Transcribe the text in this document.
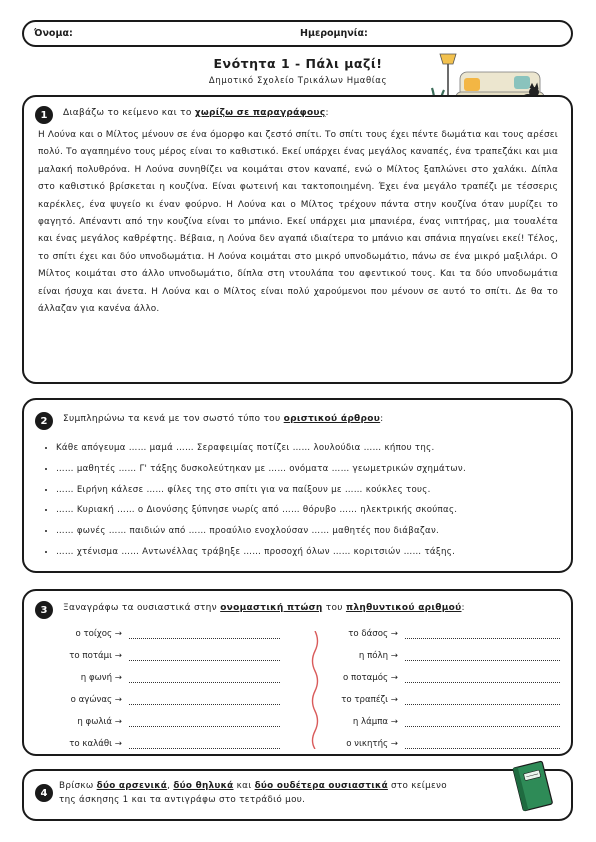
Όνομα:	Ημερομηνία:
Ενότητα 1 - Πάλι μαζί!
Δημοτικό Σχολείο Τρικάλων Ημαθίας
1	Διαβάζω το κείμενο και το χωρίζω σε παραγράφους:
Η Λούνα και ο Μίλτος μένουν σε ένα όμορφο και ζεστό σπίτι. Το σπίτι τους έχει πέντε δωμάτια και τους αρέσει πολύ. Το αγαπημένο τους μέρος είναι το καθιστικό. Εκεί υπάρχει ένας μεγάλος καναπές, ένα τραπεζάκι και μια μαλακή πολυθρόνα. Η Λούνα συνηθίζει να κοιμάται στον καναπέ, ενώ ο Μίλτος ξαπλώνει στο χαλάκι. Δίπλα στο καθιστικό βρίσκεται η κουζίνα. Είναι φωτεινή και τακτοποιημένη. Έχει ένα μεγάλο τραπέζι με τέσσερις καρέκλες, ένα ψυγείο κι έναν φούρνο. Η Λούνα και ο Μίλτος τρέχουν πάντα στην κουζίνα όταν μυρίζει το φαγητό. Απέναντι από την κουζίνα είναι το μπάνιο. Εκεί υπάρχει μια μπανιέρα, ένας νιπτήρας, μια τουαλέτα και ένας μεγάλος καθρέφτης. Βέβαια, η Λούνα δεν αγαπά ιδιαίτερα το μπάνιο και σπάνια πηγαίνει εκεί! Τέλος, το σπίτι έχει και δύο υπνοδωμάτια. Η Λούνα κοιμάται στο μικρό υπνοδωμάτιο, πάνω σε ένα μικρό μαξιλάρι. Ο Μίλτος κοιμάται στο άλλο υπνοδωμάτιο, δίπλα στη ντουλάπα του αφεντικού τους. Και τα δύο υπνοδωμάτια είναι ήσυχα και άνετα. Η Λούνα και ο Μίλτος είναι πολύ χαρούμενοι που μένουν σε αυτό το σπίτι. Δε θα το άλλαζαν για κανένα άλλο.
2	Συμπληρώνω τα κενά με τον σωστό τύπο του οριστικού άρθρου:
• Κάθε απόγευμα …… μαμά …… Σεραφειμίας ποτίζει …… λουλούδια …… κήπου της.
• …… μαθητές …… Γ' τάξης δυσκολεύτηκαν με …… ονόματα …… γεωμετρικών σχημάτων.
• …… Ειρήνη κάλεσε …… φίλες της στο σπίτι για να παίξουν με …… κούκλες τους.
• …… Κυριακή …… ο Διονύσης ξύπνησε νωρίς από …… θόρυβο …… ηλεκτρικής σκούπας.
• …… φωνές …… παιδιών από …… προαύλιο ενοχλούσαν …… μαθητές που διάβαζαν.
• …… χτένισμα …… Αντωνέλλας τράβηξε …… προσοχή όλων …… κοριτσιών …… τάξης.
3	Ξαναγράφω τα ουσιαστικά στην ονομαστική πτώση του πληθυντικού αριθμού:
ο τοίχος →
το ποτάμι →
η φωνή →
ο αγώνας →
η φωλιά →
το καλάθι →
το δάσος →
η πόλη →
ο ποταμός →
το τραπέζι →
η λάμπα →
ο νικητής →
4
Βρίσκω δύο αρσενικά, δύο θηλυκά και δύο ουδέτερα ουσιαστικά στο κείμενο
της άσκησης 1 και τα αντιγράφω στο τετράδιό μου.
